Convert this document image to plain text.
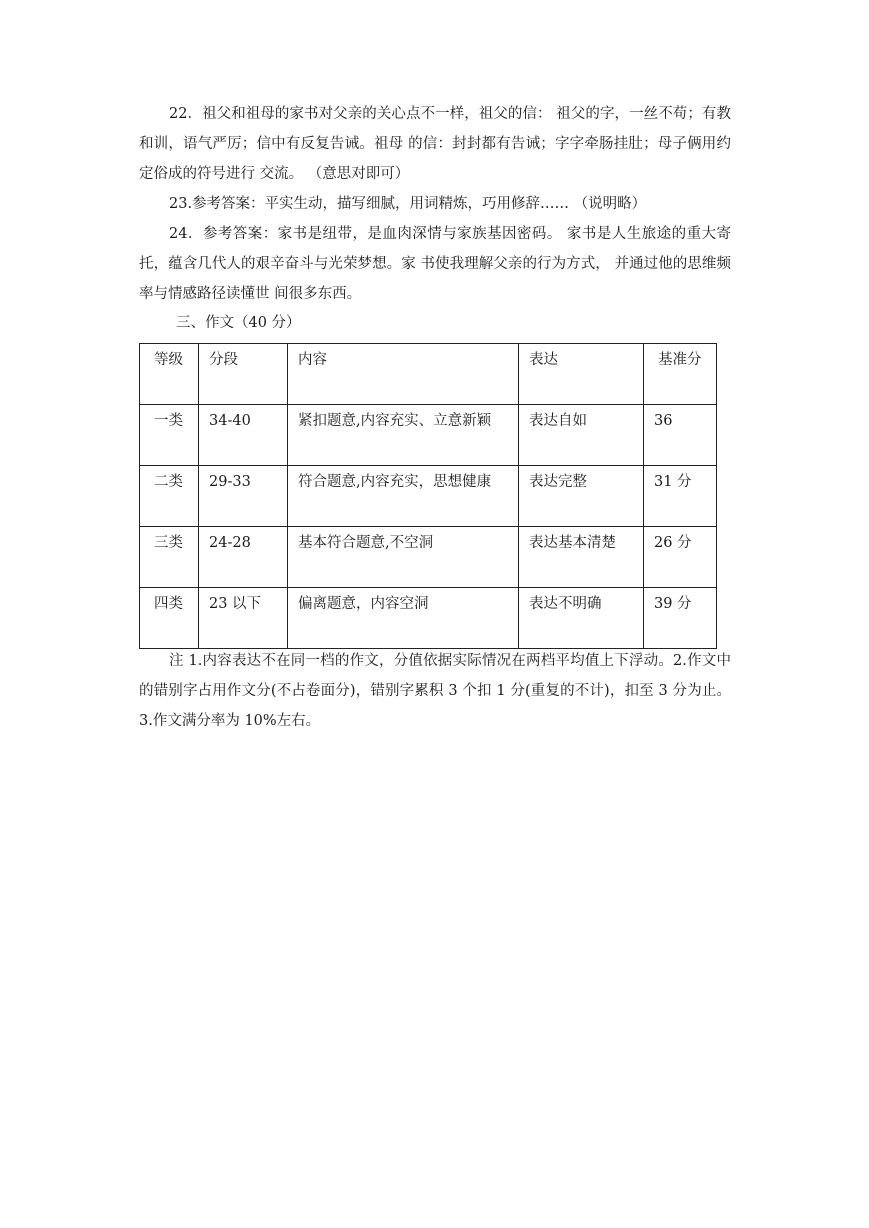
22．祖父和祖母的家书对父亲的关心点不一样，祖父的信： 祖父的字，一丝不苟；有教和训，语气严厉；信中有反复告诫。祖母 的信：封封都有告诫；字字牵肠挂肚；母子俩用约定俗成的符号进行 交流。 （意思对即可）

23.参考答案：平实生动，描写细腻，用词精炼，巧用修辞…… （说明略）

24．参考答案：家书是纽带，是血肉深情与家族基因密码。 家书是人生旅途的重大寄托，蕴含几代人的艰辛奋斗与光荣梦想。家 书使我理解父亲的行为方式， 并通过他的思维频率与情感路径读懂世 间很多东西。

三、作文（40 分）

等级	分段	内容	表达	基准分
一类	34-40	紧扣题意,内容充实、立意新颖	表达自如	36
二类	29-33	符合题意,内容充实，思想健康	表达完整	31 分
三类	24-28	基本符合题意,不空洞	表达基本清楚	26 分
四类	23 以下	偏离题意，内容空洞	表达不明确	39 分

注 1.内容表达不在同一档的作文，分值依据实际情况在两档平均值上下浮动。2.作文中的错别字占用作文分(不占卷面分)，错别字累积 3 个扣 1 分(重复的不计)，扣至 3 分为止。3.作文满分率为 10%左右。
